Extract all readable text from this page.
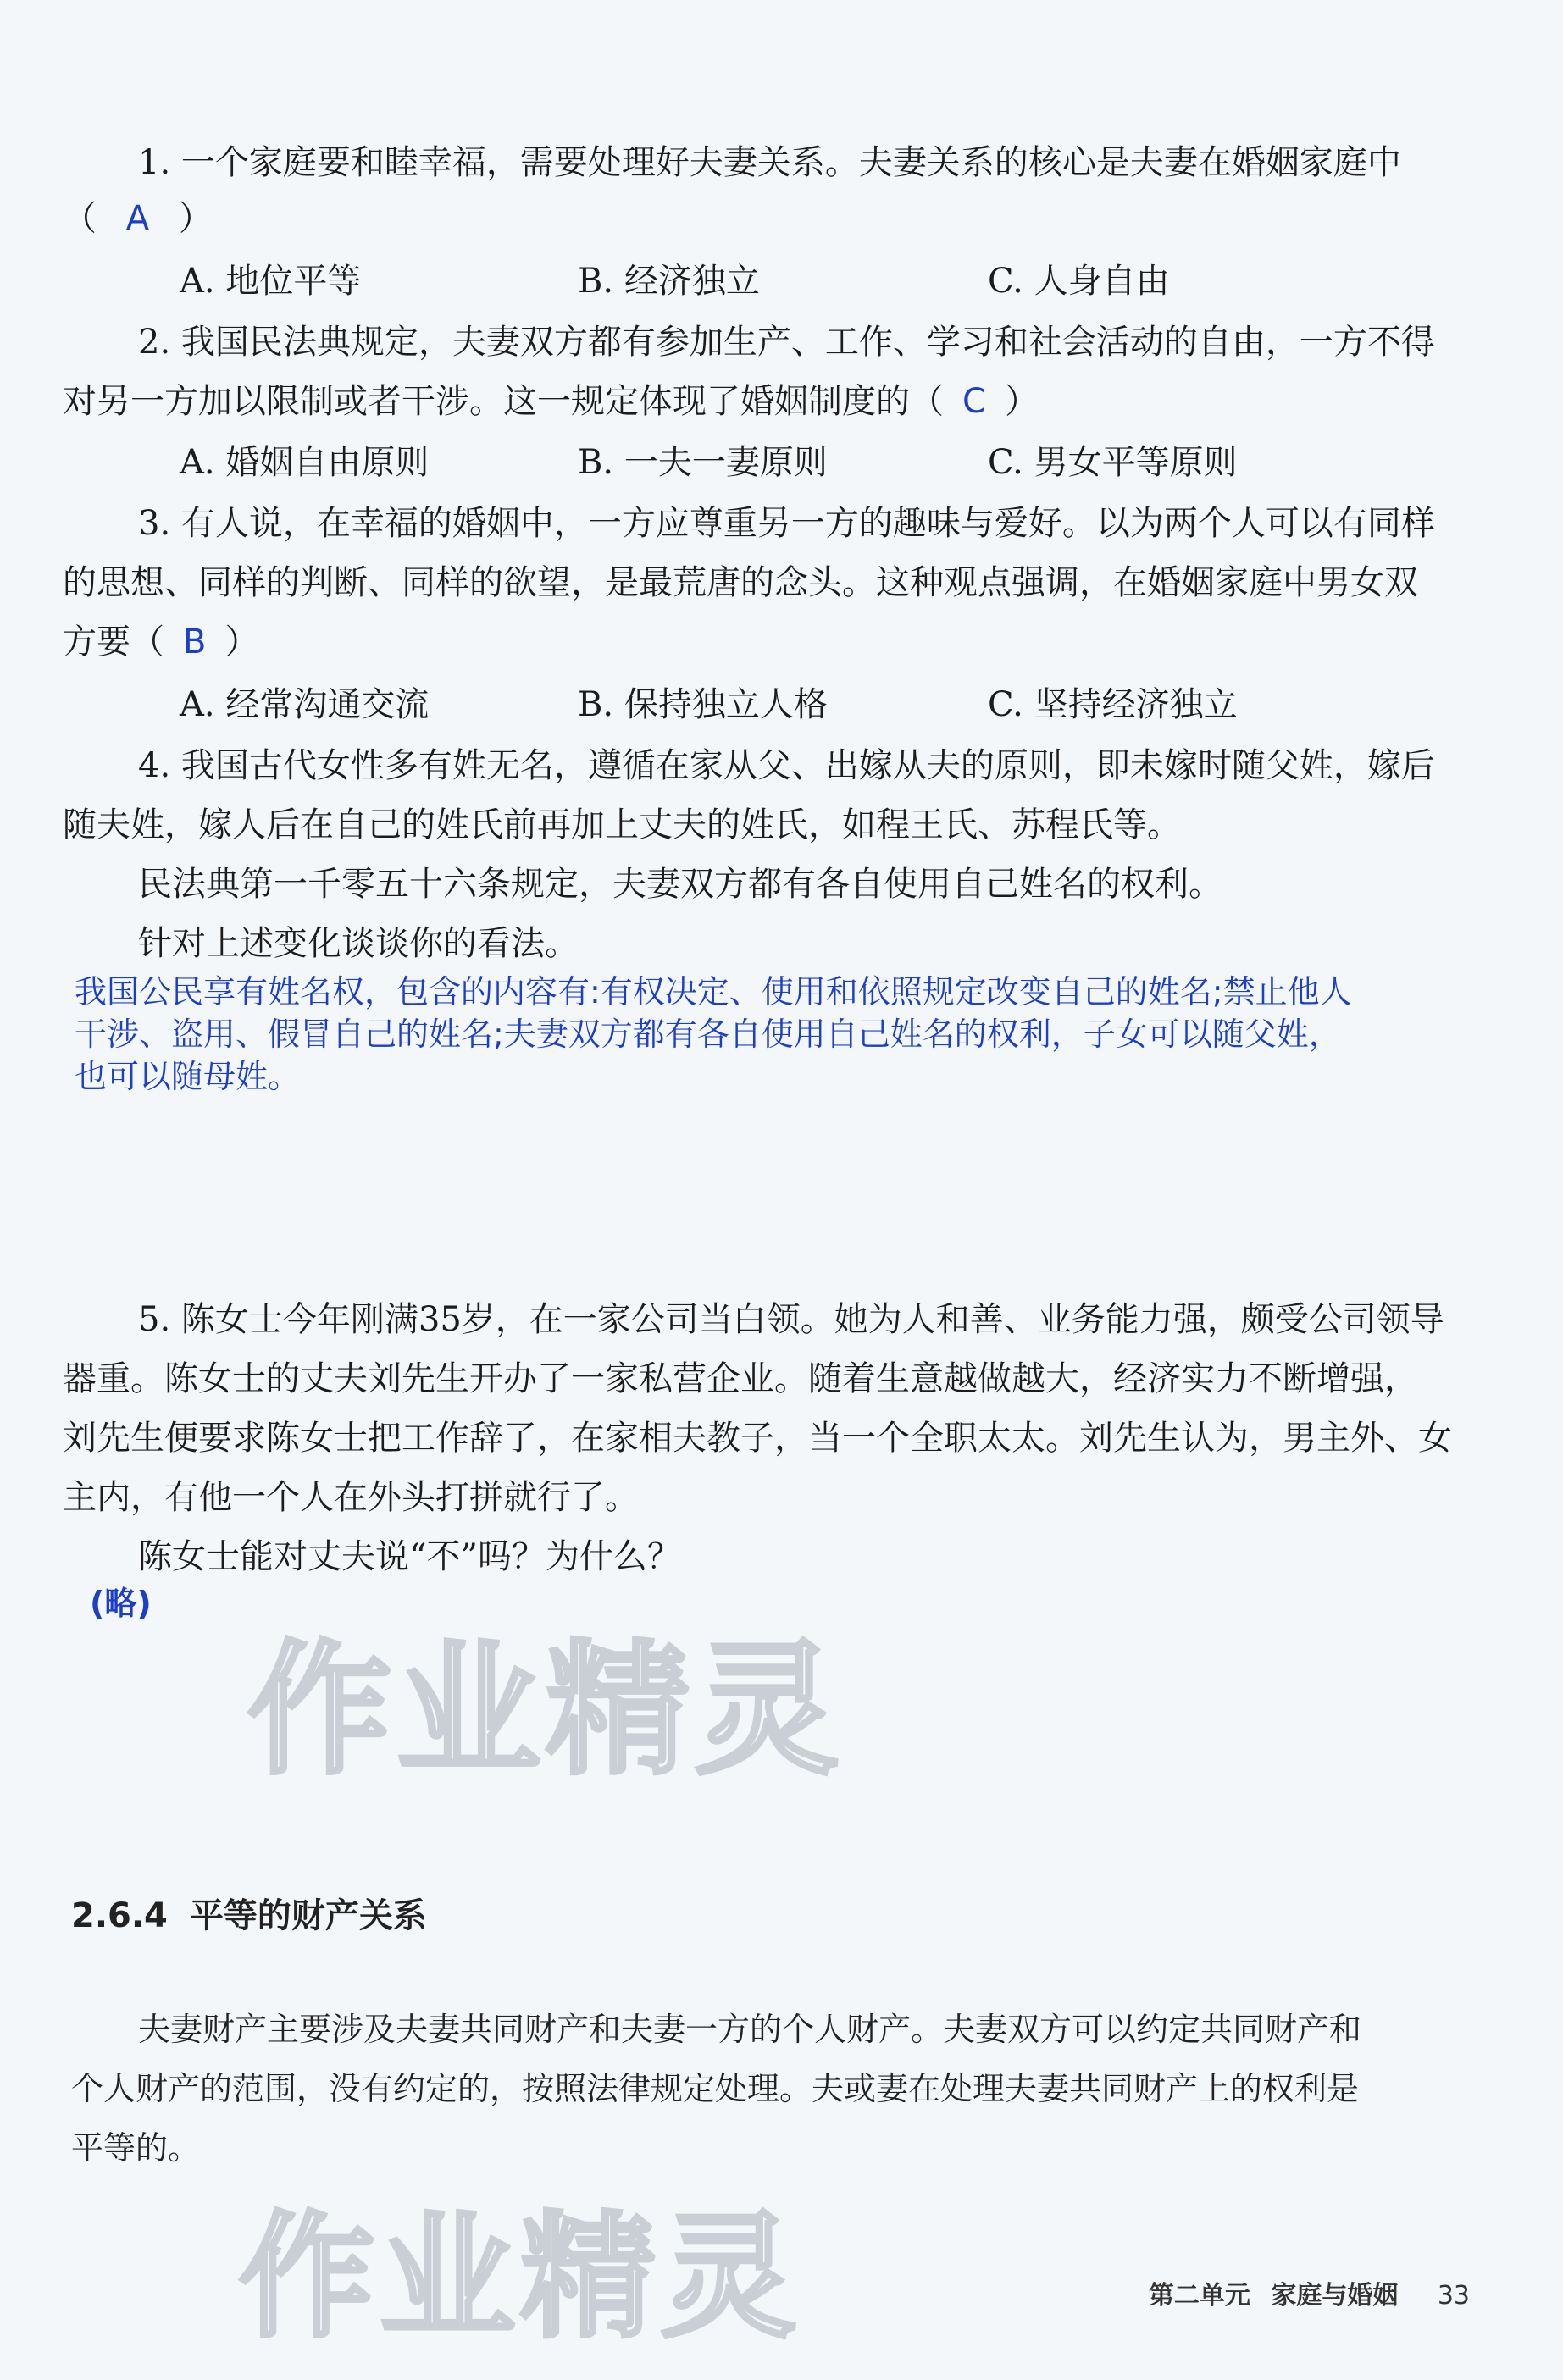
1. 一个家庭要和睦幸福，需要处理好夫妻关系。夫妻关系的核心是夫妻在婚姻家庭中
（ A ）
A. 地位平等	B. 经济独立	C. 人身自由
2. 我国民法典规定，夫妻双方都有参加生产、工作、学习和社会活动的自由，一方不得
对另一方加以限制或者干涉。这一规定体现了婚姻制度的（ C ）
A. 婚姻自由原则	B. 一夫一妻原则	C. 男女平等原则
3. 有人说，在幸福的婚姻中，一方应尊重另一方的趣味与爱好。以为两个人可以有同样
的思想、同样的判断、同样的欲望，是最荒唐的念头。这种观点强调，在婚姻家庭中男女双
方要（ B ）
A. 经常沟通交流	B. 保持独立人格	C. 坚持经济独立
4. 我国古代女性多有姓无名，遵循在家从父、出嫁从夫的原则，即未嫁时随父姓，嫁后
随夫姓，嫁人后在自己的姓氏前再加上丈夫的姓氏，如程王氏、苏程氏等。
民法典第一千零五十六条规定，夫妻双方都有各自使用自己姓名的权利。
针对上述变化谈谈你的看法。
我国公民享有姓名权，包含的内容有:有权决定、使用和依照规定改变自己的姓名;禁止他人
干涉、盗用、假冒自己的姓名;夫妻双方都有各自使用自己姓名的权利，子女可以随父姓，
也可以随母姓。
5. 陈女士今年刚满35岁，在一家公司当白领。她为人和善、业务能力强，颇受公司领导
器重。陈女士的丈夫刘先生开办了一家私营企业。随着生意越做越大，经济实力不断增强，
刘先生便要求陈女士把工作辞了，在家相夫教子，当一个全职太太。刘先生认为，男主外、女
主内，有他一个人在外头打拼就行了。
陈女士能对丈夫说“不”吗？为什么？
(略)
作业精灵
2.6.4 平等的财产关系
夫妻财产主要涉及夫妻共同财产和夫妻一方的个人财产。夫妻双方可以约定共同财产和
个人财产的范围，没有约定的，按照法律规定处理。夫或妻在处理夫妻共同财产上的权利是
平等的。
作业精灵	第二单元 家庭与婚姻 33
